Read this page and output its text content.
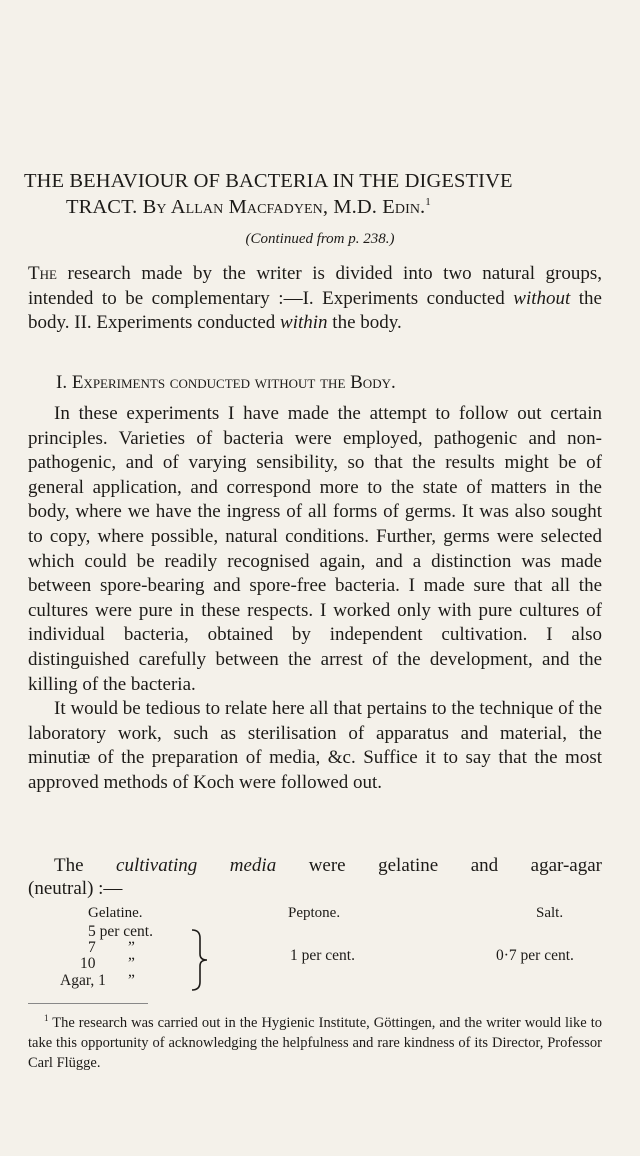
THE BEHAVIOUR OF BACTERIA IN THE DIGESTIVE
TRACT. By Allan Macfadyen, M.D. Edin.$^1$
(Continued from p. 238.)

The research made by the writer is divided into two natural groups, intended to be complementary :—I. Experiments conducted without the body. II. Experiments conducted within the body.

I. Experiments conducted without the Body.

In these experiments I have made the attempt to follow out certain principles. Varieties of bacteria were employed, pathogenic and non-pathogenic, and of varying sensibility, so that the results might be of general application, and correspond more to the state of matters in the body, where we have the ingress of all forms of germs. It was also sought to copy, where possible, natural conditions. Further, germs were selected which could be readily recognised again, and a distinction was made between spore-bearing and spore-free bacteria. I made sure that all the cultures were pure in these respects. I worked only with pure cultures of individual bacteria, obtained by independent cultivation. I also distinguished carefully between the arrest of the development, and the killing of the bacteria.

It would be tedious to relate here all that pertains to the technique of the laboratory work, such as sterilisation of apparatus and material, the minutiæ of the preparation of media, &c. Suffice it to say that the most approved methods of Koch were followed out.

The cultivating media were gelatine and agar-agar
(neutral) :—
Gelatine.	Peptone.	Salt.
5 per cent.
7 ”
10 ”
Agar, 1 ”
1 per cent.	0·7 per cent.

$^1$ The research was carried out in the Hygienic Institute, Göttingen, and the writer would like to take this opportunity of acknowledging the helpfulness and rare kindness of its Director, Professor Carl Flügge.
